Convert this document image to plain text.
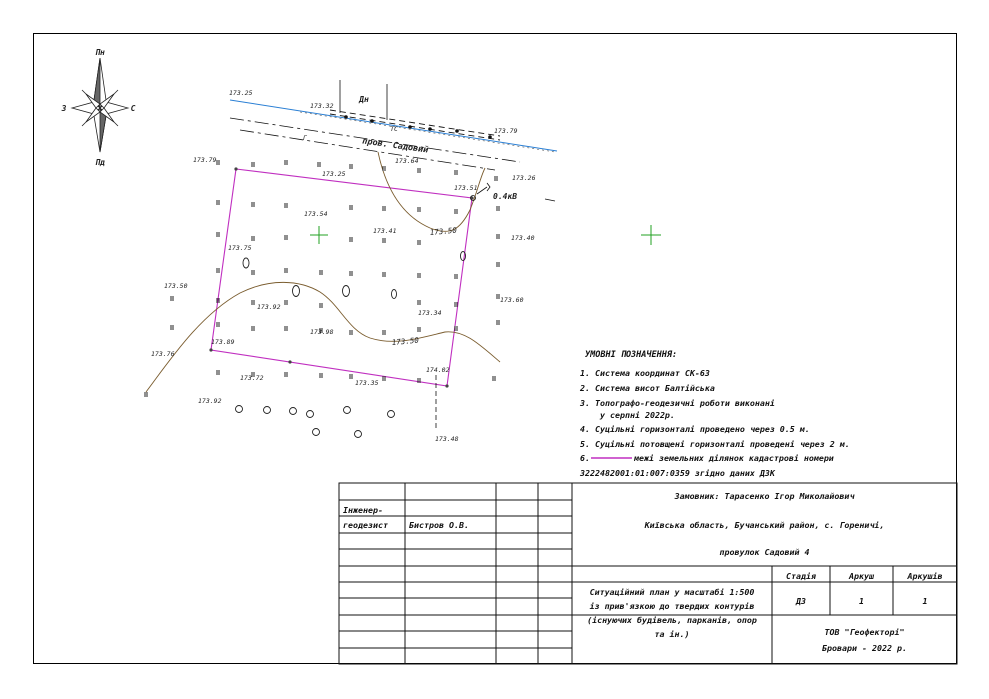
Пн
Пд
З	С
Дн
ТС
Г	пров. Садовий
173.50
173.50
0.4кВ
173.25
173.32
173.79
173.25	173.26
173.40
173.41
173.54
173.75
173.50
173.92
173.98
173.34
173.60
173.72
173.35
174.02
173.92
173.79
173.51
173.76
173.89
173.64
173.48
УМОВНІ ПОЗНАЧЕННЯ:
1. Система координат СК-63
2. Система висот Балтійська
3. Топографо-геодезичні роботи виконані
у серпні 2022р.
4. Суцільні горизонталі проведено через 0.5 м.
5. Суцільні потовщені горизонталі проведені через 2 м.
6.	межі земельних ділянок кадастрові номери
3222482001:01:007:0359 згідно даних ДЗК
Інженер-
геодезист	Бистров О.В.
Замовник: Тарасенко Ігор Миколайович
Київська область, Бучанський район, с. Гореничі,
провулок Садовий 4
Стадія	Аркуш	Аркушів
ДЗ	1	1
Ситуаційний план у масштабі 1:500
із прив'язкою до твердих контурів
(існуючих будівель, парканів, опор
та ін.)	ТОВ "Геофекторі"
Бровари - 2022 р.
